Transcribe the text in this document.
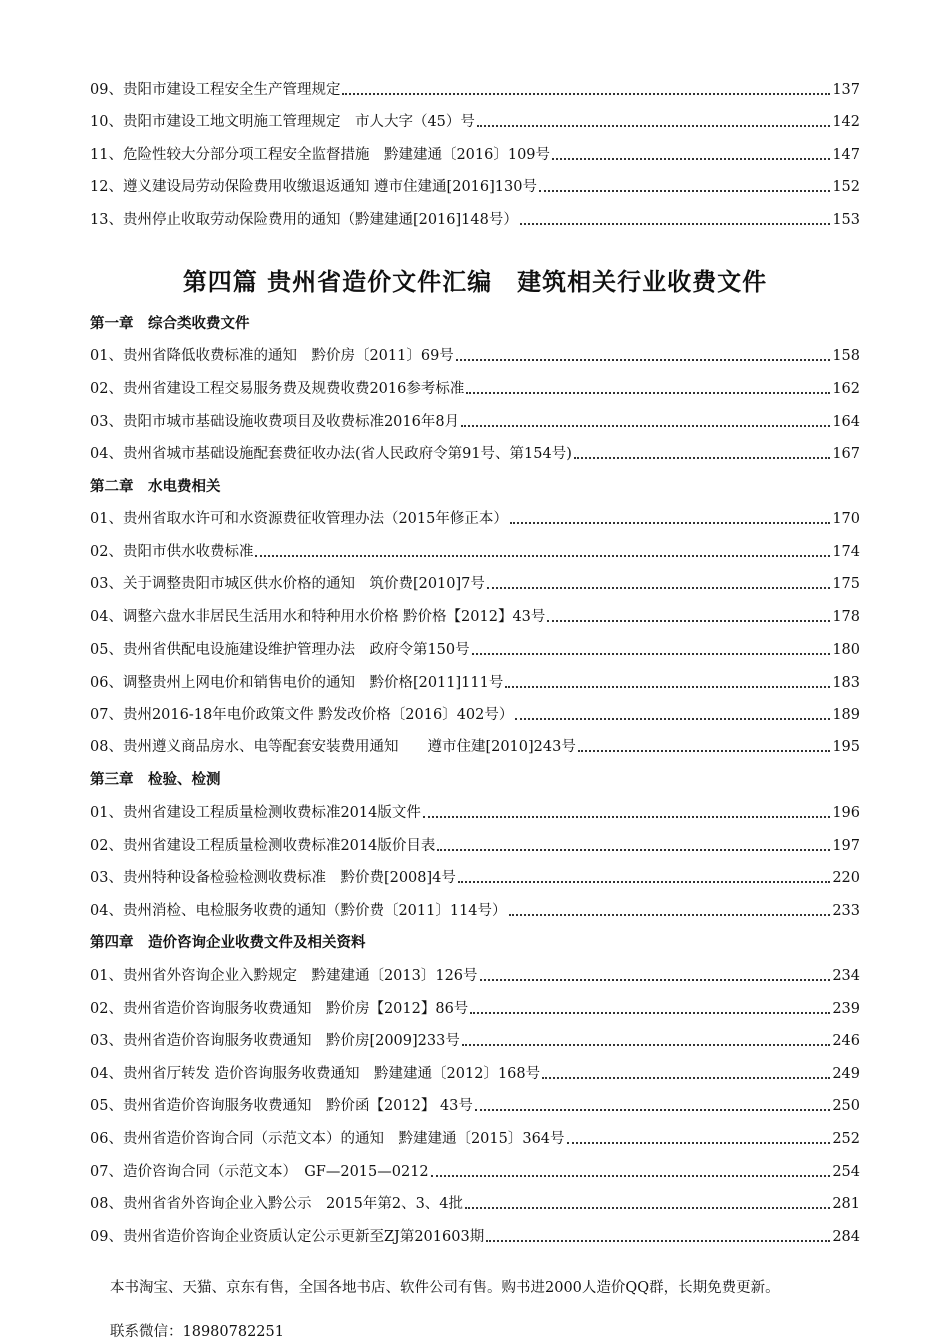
09、贵阳市建设工程安全生产管理规定	137
10、贵阳市建设工地文明施工管理规定　市人大字（45）号	142
11、危险性较大分部分项工程安全监督措施　黔建建通〔2016〕109号	147
12、遵义建设局劳动保险费用收缴退返通知 遵市住建通[2016]130号	152
13、贵州停止收取劳动保险费用的通知（黔建建通[2016]148号）	153
第四篇 贵州省造价文件汇编　建筑相关行业收费文件
第一章　综合类收费文件
01、贵州省降低收费标准的通知　黔价房〔2011〕69号	158
02、贵州省建设工程交易服务费及规费收费2016参考标准	162
03、贵阳市城市基础设施收费项目及收费标准2016年8月	164
04、贵州省城市基础设施配套费征收办法(省人民政府令第91号、第154号)	167
第二章　水电费相关
01、贵州省取水许可和水资源费征收管理办法（2015年修正本）	170
02、贵阳市供水收费标准	174
03、关于调整贵阳市城区供水价格的通知　筑价费[2010]7号	175
04、调整六盘水非居民生活用水和特种用水价格 黔价格【2012】43号	178
05、贵州省供配电设施建设维护管理办法　政府令第150号	180
06、调整贵州上网电价和销售电价的通知　黔价格[2011]111号	183
07、贵州2016-18年电价政策文件 黔发改价格〔2016〕402号）	189
08、贵州遵义商品房水、电等配套安装费用通知　　遵市住建[2010]243号	195
第三章　检验、检测
01、贵州省建设工程质量检测收费标准2014版文件	196
02、贵州省建设工程质量检测收费标准2014版价目表	197
03、贵州特种设备检验检测收费标准　黔价费[2008]4号	220
04、贵州消检、电检服务收费的通知（黔价费〔2011〕114号）	233
第四章　造价咨询企业收费文件及相关资料
01、贵州省外咨询企业入黔规定　黔建建通〔2013〕126号	234
02、贵州省造价咨询服务收费通知　黔价房【2012】86号	239
03、贵州省造价咨询服务收费通知　黔价房[2009]233号	246
04、贵州省厅转发 造价咨询服务收费通知　黔建建通〔2012〕168号	249
05、贵州省造价咨询服务收费通知　黔价函【2012】 43号	250
06、贵州省造价咨询合同（示范文本）的通知　黔建建通〔2015〕364号	252
07、造价咨询合同（示范文本）　GF—2015—0212	254
08、贵州省省外咨询企业入黔公示　2015年第2、3、4批	281
09、贵州省造价咨询企业资质认定公示更新至ZJ第201603期	284
本书淘宝、天猫、京东有售，全国各地书店、软件公司有售。购书进2000人造价QQ群，长期免费更新。
联系微信：18980782251
